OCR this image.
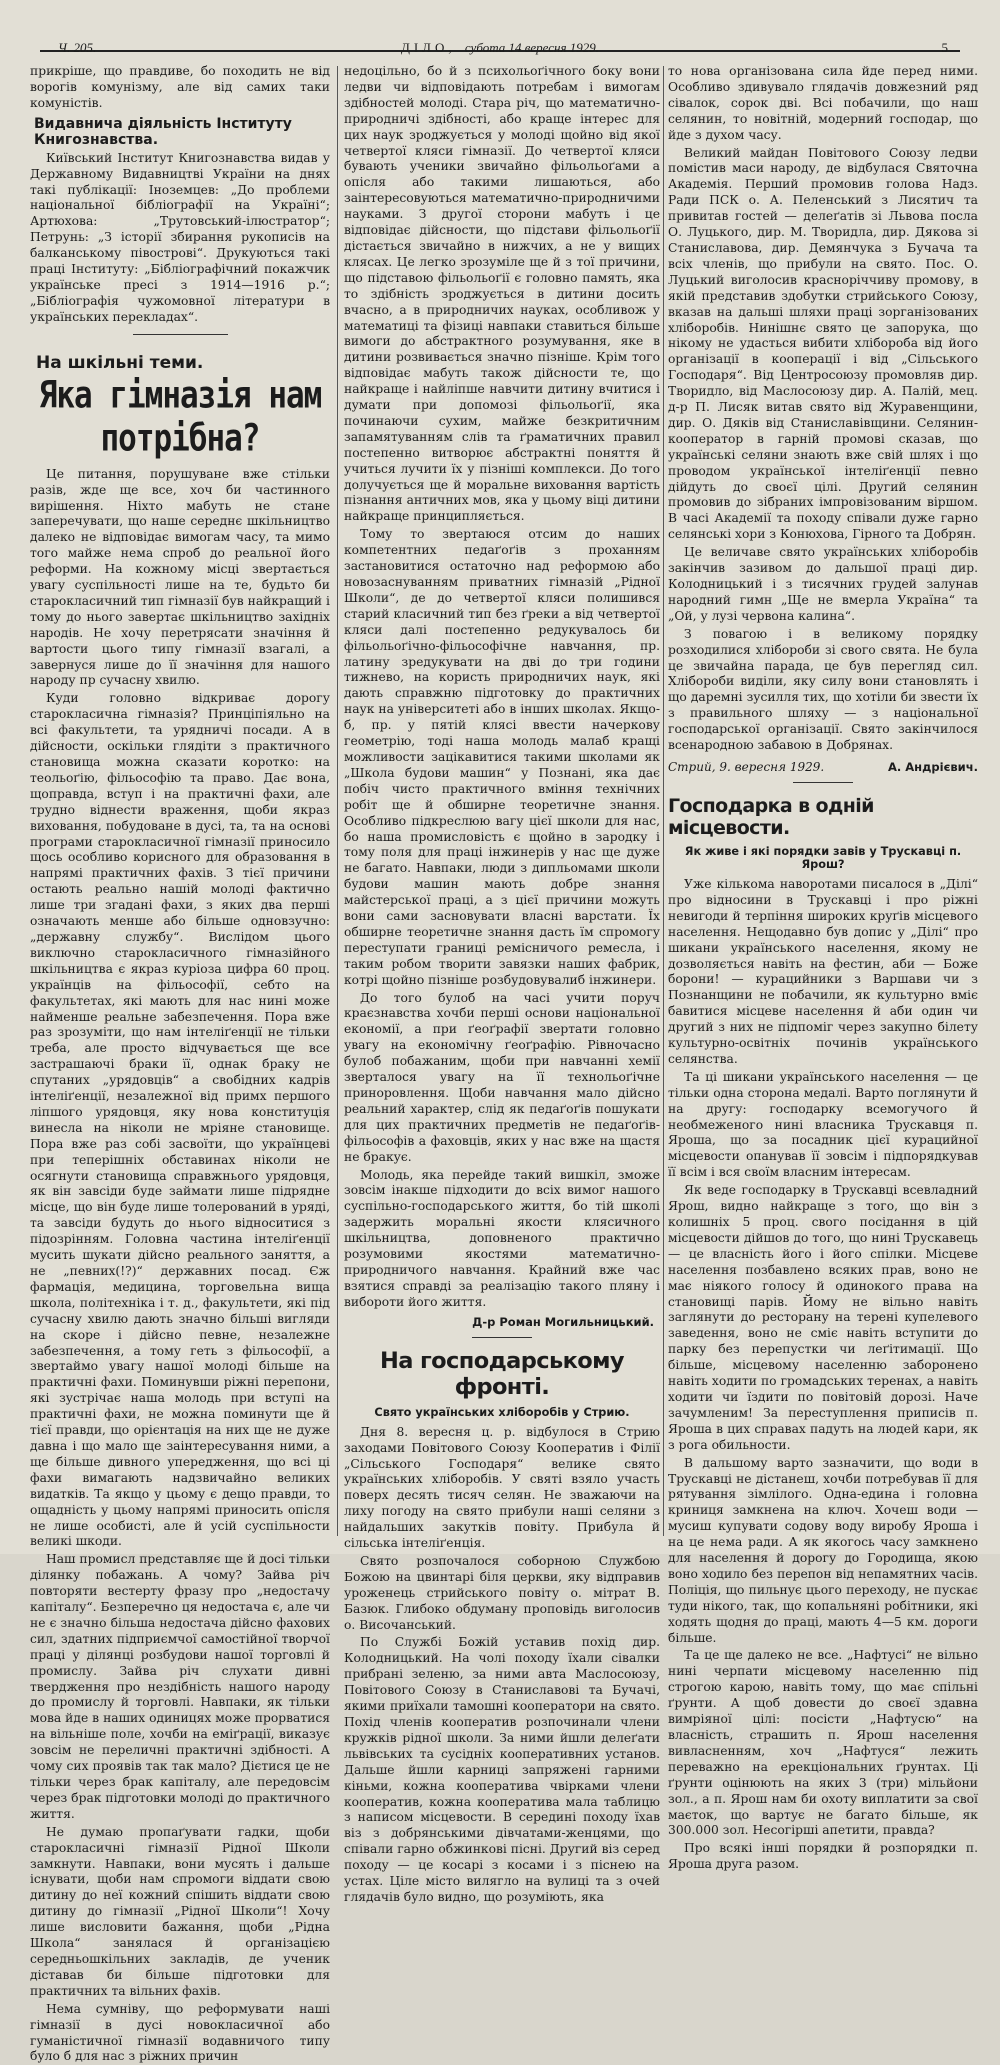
Ч. 205.	ДІЛО, субота 14 вересня 1929.	5

прикріше, що правдиве, бо походить не від ворогів комунізму, але від самих таки комуністів.

Видавнича діяльність Інституту Книгознавства.

Київський Інститут Книгознавства видав у Державному Видавництві України на днях такі публікації: Іноземцев: „До проблеми національної бібліографії на Україні“; Артюхова: „Трутовський-ілюстратор“; Петрунь: „З історії збирання рукописів на балканському півострові“. Друкуються такі праці Інституту: „Бібліографічний покажчик українське пресі з 1914—1916 р.“; „Бібліографія чужомовної літератури в українських перекладах“.

На шкільні теми.
Яка гімназія нам потрібна?

Це питання, порушуване вже стільки разів, жде ще все, хоч би частинного вирішення. Ніхто мабуть не стане заперечувати, що наше середнє шкільництво далеко не відповідає вимогам часу, та мимо того майже нема спроб до реальної його реформи. На кожному місці звертається увагу суспільності лише на те, будьто би старокласичний тип гімназії був найкращий і тому до нього завертає шкільництво західніх народів. Не хочу перетрясати значіння й вартости цього типу гімназії взагалі, а завернуся лише до її значіння для нашого народу пр сучасну хвилю.

Куди головно відкриває дорогу старокласична гімназія? Принціпіяльно на всі факультети, та урядничі посади. А в дійсности, оскільки глядіти з практичного становища можна сказати коротко: на теольоґію, фільософію та право. Дає вона, щоправда, вступ і на практичні фахи, але трудно віднести враження, щоби якраз виховання, побудоване в дусі, та, та на основі програми старокласичної гімназії приносило щось особливо корисного для образовання в напрямі практичних фахів. З тієї причини остають реально нашій молоді фактично лише три згадані фахи, з яких два перші означають менше або більше одновзучно: „державну службу“. Вислідом цього виключно старокласичного гімназійного шкільництва є якраз куріоза цифра 60 проц. українців на фільософії, себто на факультетах, які мають для нас нині може найменше реальне забезпечення. Пора вже раз зрозуміти, що нам інтеліґенції не тільки треба, але просто відчувається ще все застрашаючі браки її, однак браку не спутаних „урядовців“ а свобідних кадрів інтеліґенції, незалежної від примх першого ліпшого урядовця, яку нова конституція винесла на ніколи не мріяне становище. Пора вже раз собі засвоїти, що українцеві при теперішніх обставинах ніколи не осягнути становища справжнього урядовця, як він завсіди буде займати лише підрядне місце, що він буде лише толерований в уряді, та завсіди будуть до нього відноситися з підозрінням. Головна частина інтеліґенції мусить шукати дійсно реального заняття, а не „певних(!?)“ державних посад. Єж фармація, медицина, торговельна вища школа, політехніка і т. д., факультети, які під сучасну хвилю дають значно більші вигляди на скоре і дійсно певне, незалежне забезпечення, а тому геть з фільософії, а звертаймо увагу нашої молоді більше на практичні фахи. Поминувши ріжні перепони, які зустрічає наша молодь при вступі на практичні фахи, не можна поминути ще й тієї правди, що орієнтація на них ще не дуже давна і що мало ще заінтересування ними, а ще більше дивного упередження, що всі ці фахи вимагають надзвичайно великих видатків. Та якщо у цьому є дещо правди, то ощадність у цьому напрямі приносить опісля не лише особисті, але й усій суспільности великі шкоди.

Наш промисл представляє ще й досі тільки ділянку побажань. А чому? Зайва річ повторяти вестерту фразу про „недостачу капіталу“. Безперечно ця недостача є, але чи не є значно більша недостача дійсно фахових сил, здатних підприємчої самостійної творчої праці у ділянці розбудови нашої торговлі й промислу. Зайва річ слухати дивні твердження про нездібність нашого народу до промислу й торговлі. Навпаки, як тільки мова йде в наших одиницях може прорватися на вільніше поле, хочби на еміґрації, виказує зовсім не переличні практичні здібності. А чому сих проявів так так мало? Дієтися це не тільки через брак капіталу, але передовсім через брак підготовки молоді до практичного життя.

Не думаю пропаґувати гадки, щоби старокласичні гімназії Рідної Школи замкнути. Навпаки, вони мусять і дальше існувати, щоби нам спромоги віддати свою дитину до неї кожний спішить віддати свою дитину до гімназії „Рідної Школи“! Хочу лише висловити бажання, щоби „Рідна Школа“ занялася й організацією середньошкільних закладів, де ученик діставав би більше підготовки для практичних та вільних фахів.

Нема сумніву, що реформувати наші гімназії в дусі новокласичної або гуманістичної гімназії водавничого типу було б для нас з ріжних причин

недоцільно, бо й з психольоґічного боку вони ледви чи відповідають потребам і вимогам здібностей молоді. Стара річ, що математично-природничі здібності, або краще інтерес для цих наук зроджується у молоді щойно від якої четвертої кляси гімназії. До четвертої кляси бувають ученики звичайно фільольоґами а опісля або такими лишаються, або заінтересовуються математично-природничими науками. З другої сторони мабуть і це відповідає дійсности, що підстави фільольоґії дістається звичайно в нижчих, а не у вищих клясах. Це легко зрозуміле ще й з тої причини, що підставою фільольоґії є головно память, яка то здібність зроджується в дитини досить вчасно, а в природничих науках, особливож у математиці та фізиці навпаки ставиться більше вимоги до абстрактного розумування, яке в дитини розвивається значно пізніше. Крім того відповідає мабуть також дійсности те, що найкраще і найліпше навчити дитину вчитися і думати при допомозі фільольоґії, яка починаючи сухим, майже безкритичним запамятуванням слів та ґраматичних правил постепенно витворює абстрактні поняття й учиться лучити їх у пізніші комплекси. До того долучується ще й моральне виховання вартість пізнання античних мов, яка у цьому віці дитини найкраще принципляється.

Тому то звертаюся отсим до наших компетентних педаґоґів з проханням застановитися остаточно над реформою або новозаснуванням приватних гімназій „Рідної Школи“, де до четвертої кляси полишився старий класичний тип без ґреки а від четвертої кляси далі постепенно редукувалось би фільольоґічно-фільософічне навчання, пр. латину зредукувати на дві до три години тижнево, на користь природничих наук, які дають справжню підготовку до практичних наук на університеті або в інших школах. Якщо-б, пр. у пятій клясі ввести начеркову геометрію, тоді наша молодь малаб кращі можливости зацікавитися такими школами як „Школа будови машин“ у Познані, яка дає побіч чисто практичного вміння технічних робіт ще й обширне теоретичне знання. Особливо підкреслюю вагу цієї школи для нас, бо наша промисловість є щойно в зародку і тому поля для праці інжинерів у нас ще дуже не багато. Навпаки, люди з дипльомами школи будови машин мають добре знання майстерської праці, а з цієї причини можуть вони сами засновувати власні варстати. Їх обширне теоретичне знання дасть їм спромогу переступати границі ремісничого ремесла, і таким робом творити завязки наших фабрик, котрі щойно пізніше розбудовувалиб інжинери.

До того булоб на часі учити поруч краєзнавства хочби перші основи національної економії, а при ґеоґрафії звертати головно увагу на економічну ґеоґрафію. Рівночасно булоб побажаним, щоби при навчанні хемії зверталося увагу на її технольоґічне приноровлення. Щоби навчання мало дійсно реальний характер, слід як педаґоґів пошукати для цих практичних предметів не педаґоґів-фільософів а фаховців, яких у нас вже на щастя не бракує.

Молодь, яка перейде такий вишкіл, зможе зовсім інакше підходити до всіх вимог нашого суспільно-господарського життя, бо тій школі задержить моральні якости клясичного шкільництва, доповненого практично розумовими якостями математично-природничого навчання. Крайний вже час взятися справді за реалізацію такого пляну і вибороти його життя.

Д-р Роман Могильницький.
На господарському фронті.
Свято українських хліборобів у Стрию.

Дня 8. вересня ц. р. відбулося в Стрию заходами Повітового Союзу Кооператив і Філії „Сільського Господаря“ велике свято українських хліборобів. У святі взяло участь поверх десять тисяч селян. Не зважаючи на лиху погоду на свято прибули наші селяни з найдальших закутків повіту. Прибула й сільська інтеліґенція.

Свято розпочалося соборною Службою Божою на цвинтарі біля церкви, яку відправив уроженець стрийського повіту о. мітрат В. Базюк. Глибоко обдуману проповідь виголосив о. Височанський.

По Службі Божій уставив похід дир. Колодницький. На чолі походу їхали сівалки прибрані зеленю, за ними авта Маслосоюзу, Повітового Союзу в Станиславові та Бучачі, якими приїхали тамошні кооператори на свято. Похід членів кооператив розпочинали члени кружків рідної школи. За ними йшли делеґати львівських та сусідніх кооперативних установ. Дальше йшли карниці запряжені гарними кіньми, кожна кооператива чвірками члени кооператив, кожна кооператива мала таблицю з написом місцевости. В середині походу їхав віз з добрянськими дівчатами-женцями, що співали гарно обжинкові пісні. Другий віз серед походу — це косарі з косами і з піснею на устах. Ціле місто вилягло на вулиці та з очей глядачів було видно, що розуміють, яка

то нова організована сила йде перед ними. Особливо здивувало глядачів довжезний ряд сівалок, сорок дві. Всі побачили, що наш селянин, то новітній, модерний господар, що йде з духом часу.

Великий майдан Повітового Союзу ледви помістив маси народу, де відбулася Святочна Академія. Перший промовив голова Надз. Ради ПСК о. А. Пеленський з Лисятич та привитав гостей — делеґатів зі Львова посла О. Луцького, дир. М. Творидла, дир. Дякова зі Станиславова, дир. Демянчука з Бучача та всіх членів, що прибули на свято. Пос. О. Луцький виголосив красноріччиву промову, в якій представив здобутки стрийського Союзу, вказав на дальші шляхи праці зорганізованих хліборобів. Нинішнє свято це запорука, що нікому не удасться вибити хлібороба від його організації в кооперації і від „Сільського Господаря“. Від Центросоюзу промовляв дир. Творидло, від Маслосоюзу дир. А. Палій, мец. д-р П. Лисяк витав свято від Журавенщини, дир. О. Дяків від Станиславівщини. Селянин-кооператор в гарній промові сказав, що українські селяни знають вже свій шлях і що проводом української інтеліґенції певно дійдуть до своєї цілі. Другий селянин промовив до зібраних імпровізованим віршом. В часі Академії та походу співали дуже гарно селянські хори з Конюхова, Гірного та Добрян.

Це величаве свято українських хліборобів закінчив зазивом до дальшої праці дир. Колодницький і з тисячних грудей залунав народний гимн „Ще не вмерла Україна“ та „Ой, у лузі червона калина“.

З повагою і в великому порядку розходилися хлібороби зі свого свята. Не була це звичайна парада, це був перегляд сил. Хлібороби виділи, яку силу вони становлять і що даремні зусилля тих, що хотіли би звести їх з правильного шляху — з національної господарської організації. Свято закінчилося всенародною забавою в Добрянах.

Стрий, 9. вересня 1929.	А. Андрієвич.
Господарка в одній місцевости.
Як живе і які порядки завів у Трускавці п. Ярош?

Уже кількома наворотами писалося в „Ділі“ про відносини в Трускавці і про ріжні невигоди й терпіння широких круґів місцевого населення. Нещодавно був допис у „Ділі“ про шикани українського населення, якому не дозволяється навіть на фестин, аби — Боже борони! — курацийники з Варшави чи з Познанщини не побачили, як культурно вміє бавитися місцеве населення й аби один чи другий з них не підпоміг через закупно білету культурно-освітніх починів українського селянства.

Та ці шикани українського населення — це тільки одна сторона медалі. Варто поглянути й на другу: господарку всемогучого й необмеженого нині власника Трускавця п. Яроша, що за посадник цієї курацийної місцевости опанував її зовсім і підпорядкував її всім і вся своїм власним інтересам.

Як веде господарку в Трускавці всевладний Ярош, видно найкраще з того, що він з колишніх 5 проц. свого посідання в цій місцевости дійшов до того, що нині Трускавець — це власність його і його спілки. Місцеве населення позбавлено всяких прав, воно не має ніякого голосу й одинокого права на становищі парів. Йому не вільно навіть заглянути до ресторану на терені купелевого заведення, воно не сміє навіть вступити до парку без перепустки чи леґітимації. Що більше, місцевому населенню заборонено навіть ходити по громадських теренах, а навіть ходити чи їздити по повітовій дорозі. Наче зачумленим! За переступлення приписів п. Яроша в цих справах падуть на людей кари, як з рога обильности.

В дальшому варто зазначити, що води в Трускавці не дістанеш, хочби потребував її для рятування зімлілого. Одна-едина і головна криниця замкнена на ключ. Хочеш води — мусиш купувати содову воду виробу Яроша і на це нема ради. А як якогось часу замкнено для населення й дорогу до Городища, якою воно ходило без перепон від непамятних часів. Поліція, що пильнує цього переходу, не пускає туди нікого, так, що копальняні робітники, які ходять щодня до праці, мають 4—5 км. дороги більше.

Та це ще далеко не все. „Нафтусі“ не вільно нині черпати місцевому населенню під строгою карою, навіть тому, що має спільні ґрунти. А щоб довести до своєї здавна вимріяної цілі: посісти „Нафтусю“ на власність, страшить п. Ярош населення вивласненням, хоч „Нафтуся“ лежить переважно на ерекціональних ґрунтах. Ці ґрунти оцінюють на яких 3 (три) мільйони зол., а п. Ярош нам би охоту виплатити за свої маєток, що вартує не багато більше, як 300.000 зол. Несогірші апетити, правда?

Про всякі інші порядки й розпорядки п. Яроша друга разом.
